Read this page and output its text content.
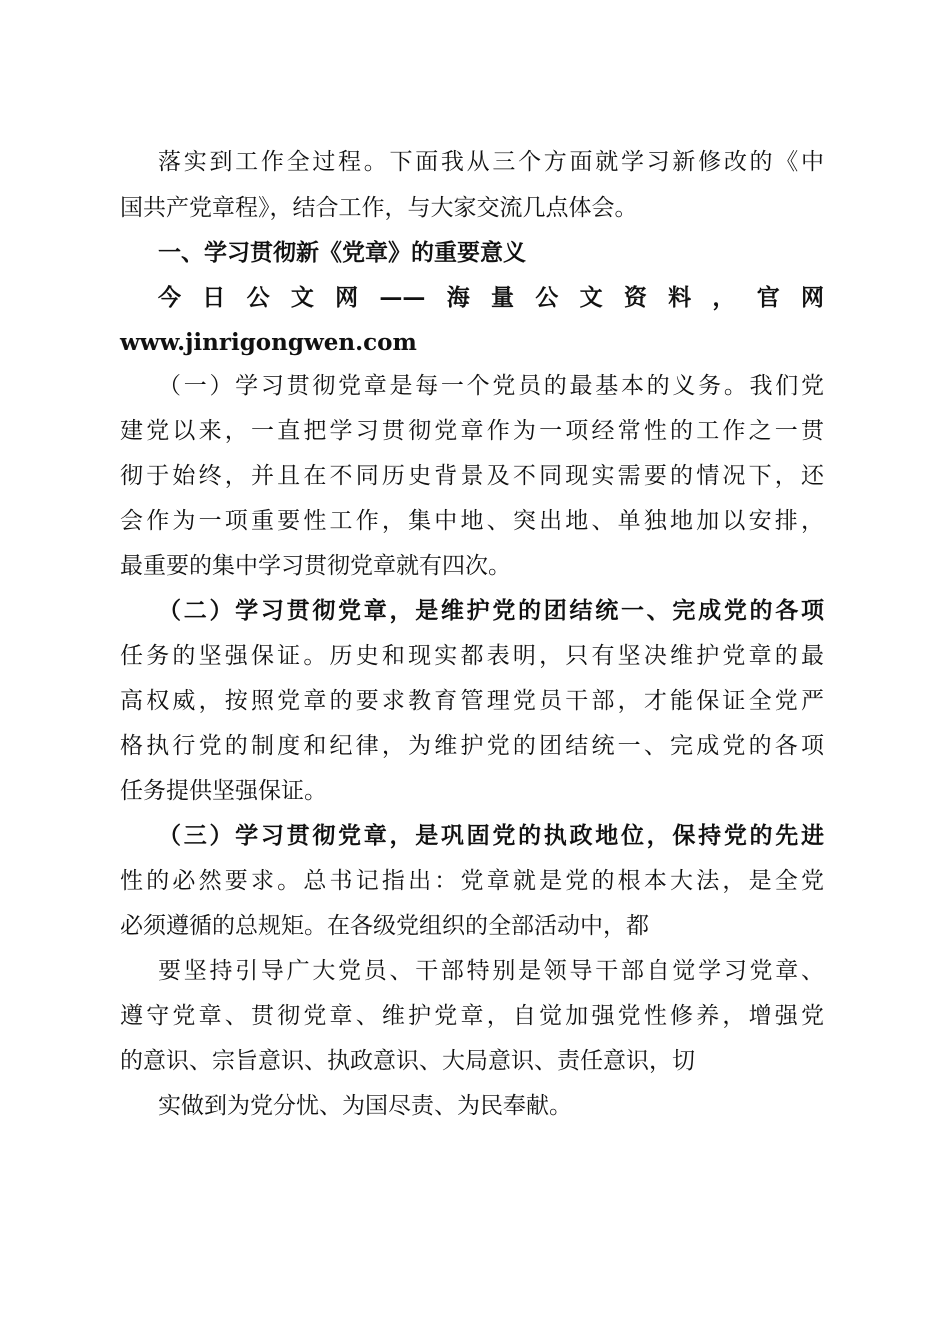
落实到工作全过程。下面我从三个方面就学习新修改的《中
国共产党章程》，结合工作，与大家交流几点体会。
一、学习贯彻新《党章》的重要意义
今日公文网——海量公文资料，官网
www.jinrigongwen.com
（一）学习贯彻党章是每一个党员的最基本的义务。我们党
建党以来，一直把学习贯彻党章作为一项经常性的工作之一贯
彻于始终，并且在不同历史背景及不同现实需要的情况下，还
会作为一项重要性工作，集中地、突出地、单独地加以安排，
最重要的集中学习贯彻党章就有四次。
（二）学习贯彻党章，是维护党的团结统一、完成党的各项
任务的坚强保证。历史和现实都表明，只有坚决维护党章的最
高权威，按照党章的要求教育管理党员干部，才能保证全党严
格执行党的制度和纪律，为维护党的团结统一、完成党的各项
任务提供坚强保证。
（三）学习贯彻党章，是巩固党的执政地位，保持党的先进
性的必然要求。总书记指出：党章就是党的根本大法，是全党
必须遵循的总规矩。在各级党组织的全部活动中，都
要坚持引导广大党员、干部特别是领导干部自觉学习党章、
遵守党章、贯彻党章、维护党章，自觉加强党性修养，增强党
的意识、宗旨意识、执政意识、大局意识、责任意识，切
实做到为党分忧、为国尽责、为民奉献。
